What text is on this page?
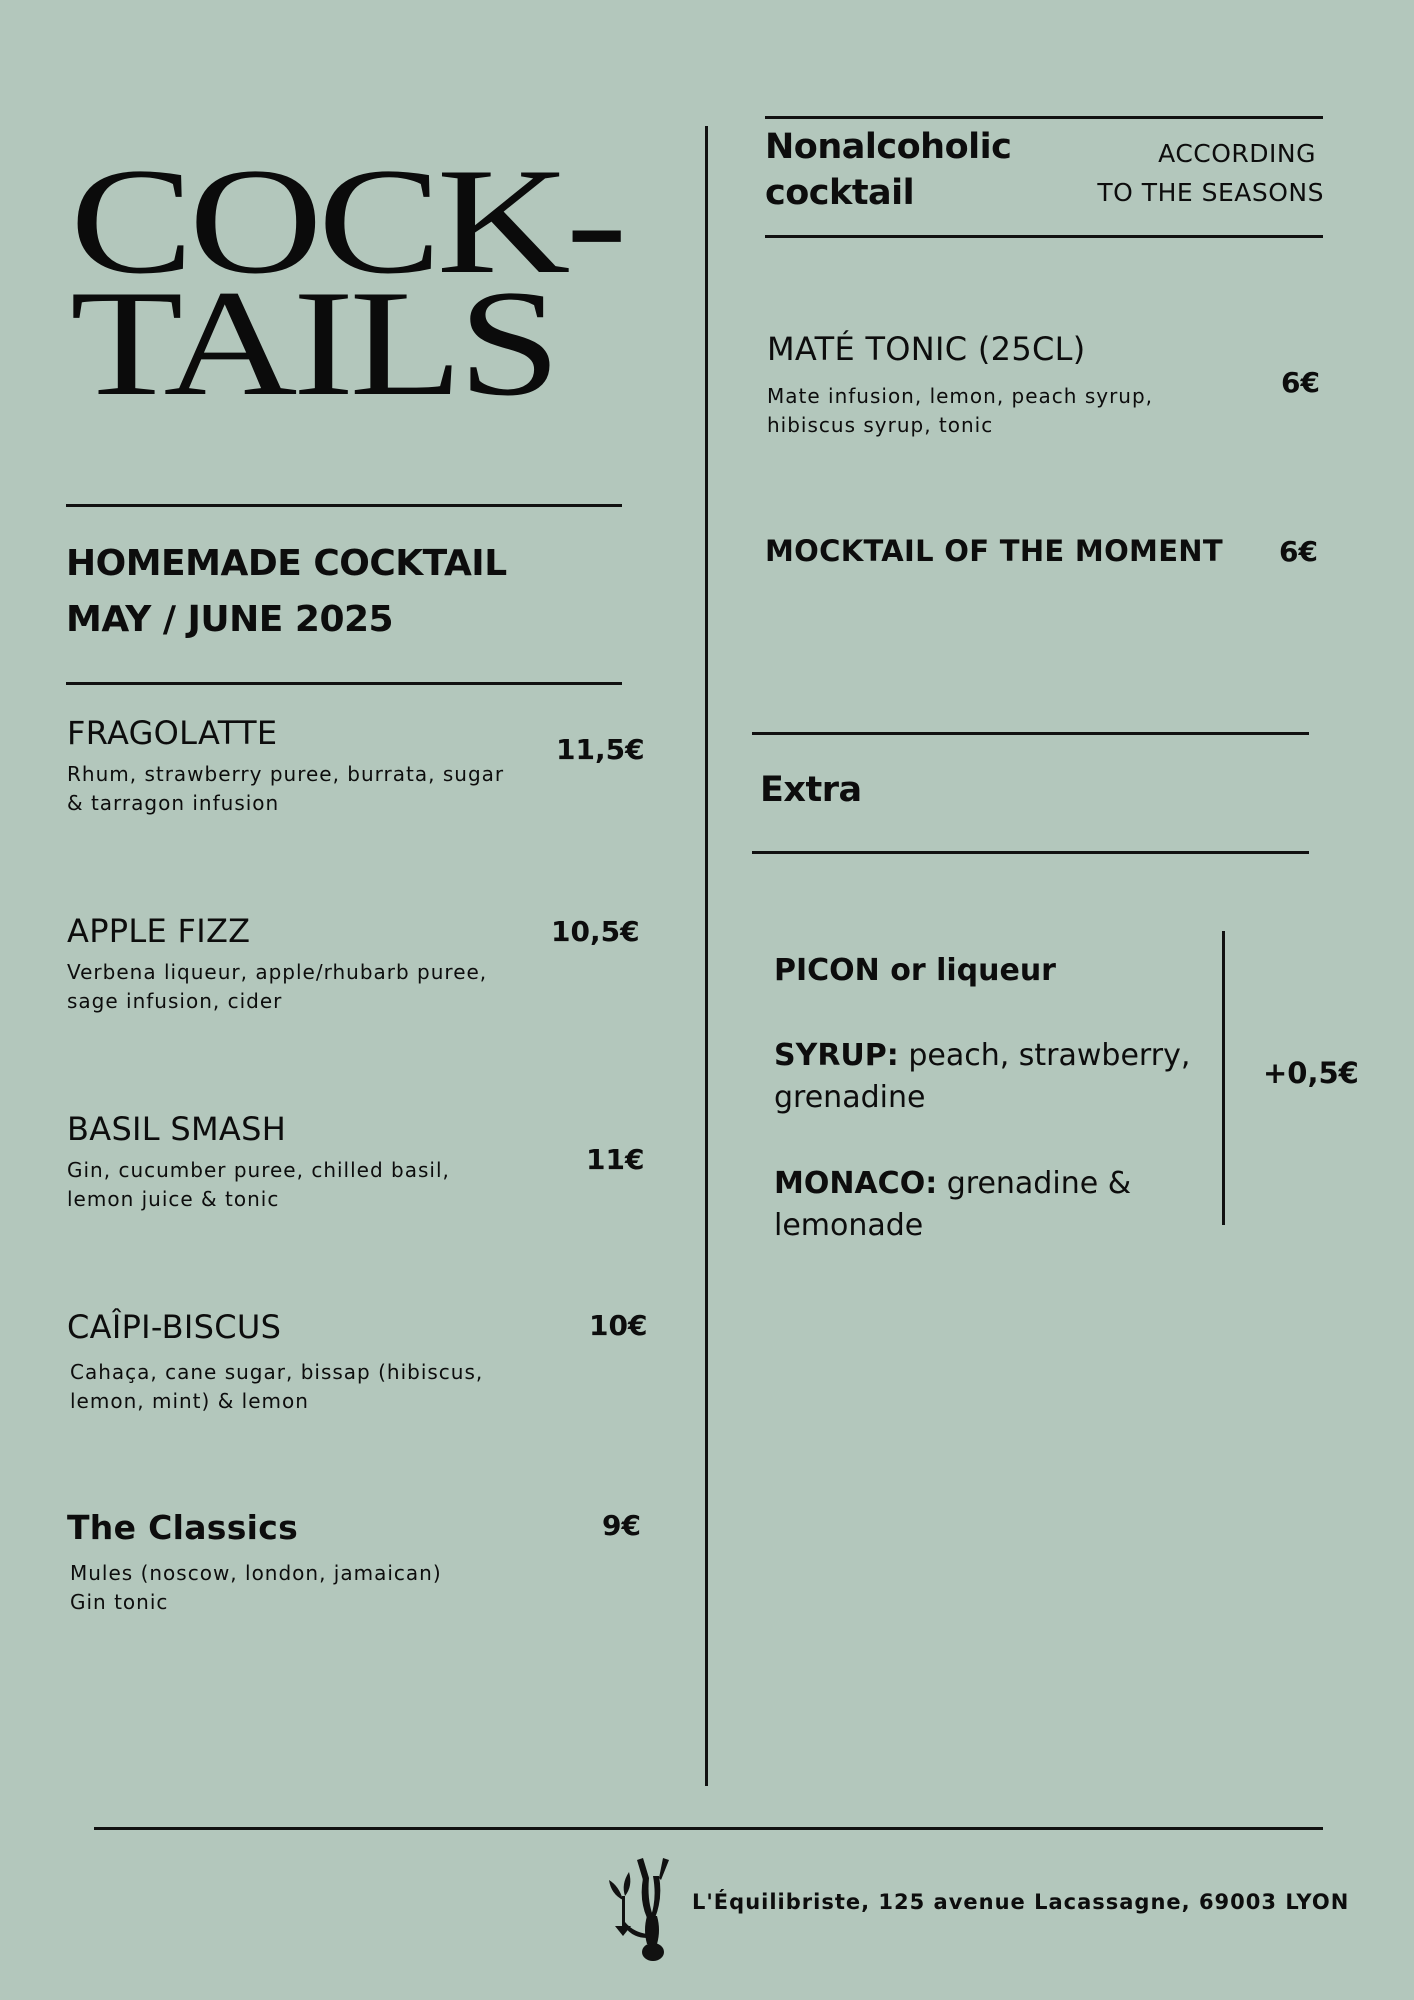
COCK-
TAILS
HOMEMADE COCKTAIL
MAY / JUNE 2025
FRAGOLATTE
Rhum, strawberry puree, burrata, sugar
& tarragon infusion
11,5€
APPLE FIZZ
Verbena liqueur, apple/rhubarb puree,
sage infusion, cider
10,5€
BASIL SMASH
Gin, cucumber puree, chilled basil,
lemon juice & tonic
11€
CAÎPI-BISCUS
Cahaça, cane sugar, bissap (hibiscus,
lemon, mint) & lemon
10€
The Classics
Mules (noscow, london, jamaican)
Gin tonic
9€
Nonalcoholic
cocktail
ACCORDING
TO THE SEASONS
MATÉ TONIC (25CL)
Mate infusion, lemon, peach syrup,
hibiscus syrup, tonic
6€
MOCKTAIL OF THE MOMENT 6€
Extra
PICON or liqueur
SYRUP: peach, strawberry,
grenadine
MONACO: grenadine &
lemonade
+0,5€
L'Équilibriste, 125 avenue Lacassagne, 69003 LYON
